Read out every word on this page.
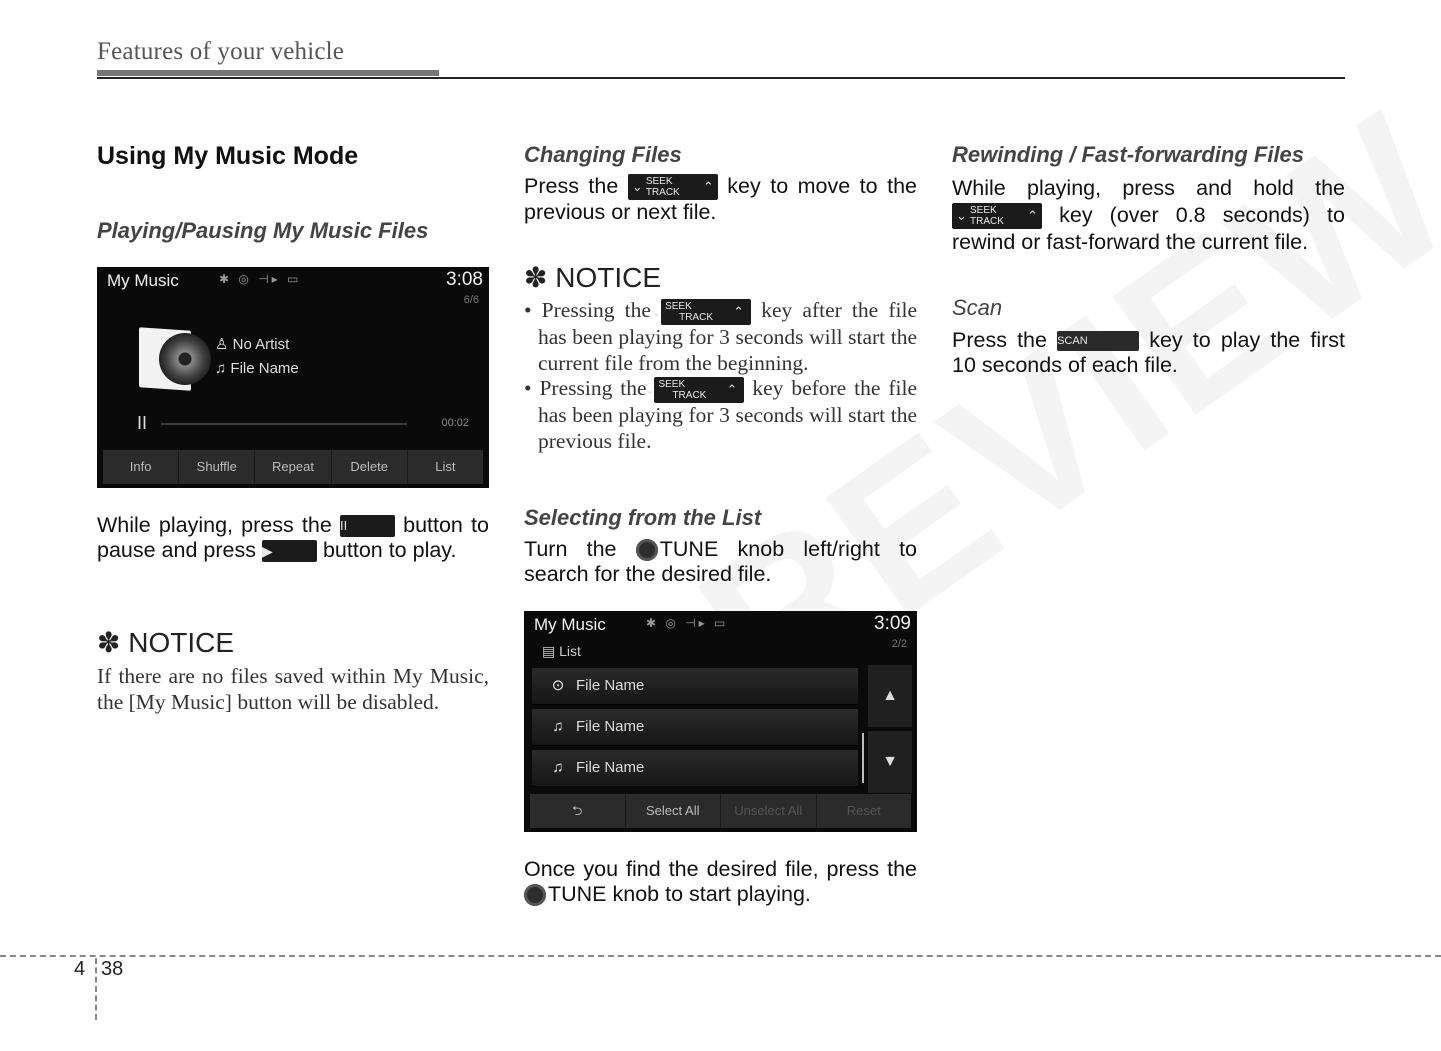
Features of your vehicle
Using My Music Mode
Playing/Pausing My Music Files
My Music	✱ ◎ ⊣▸ ▭	3:08
6/6
♙ No Artist
♫ File Name
II	00:02
Info	Shuffle	Repeat	Delete	List
While playing, press the II	button to pause and press ▶ button to play.
✽ NOTICE
If there are no files saved within My Music, the [My Music] button will be disabled.
Changing Files
Press the ⌄ SEEK
TRACK	⌃ key to move to the previous or next file.
✽ NOTICE
• Pressing the ⌄ SEEK
TRACK	⌃ key after the file has been playing for 3 seconds will start the current file from the beginning.
• Pressing the
⌄ SEEK
TRACK	⌃ key before the file has been playing for 3 seconds will start the previous file.
Selecting from the List
Turn the TUNE knob left/right to search for the desired file.
My Music	✱ ◎ ⊣▸ ▭	3:09
2/2
▤ List
⊙ File Name
♫ File Name
♫ File Name
▲
▼
⮌	Select All	Unselect All	Reset
Once you find the desired file, press the TUNE knob to start playing.
Rewinding / Fast-forwarding Files
While playing, press and hold the
⌄ SEEK
TRACK	⌃ key (over 0.8 seconds) to rewind or fast-forward the current file.
Scan
Press the SCAN	key to play the first 10 seconds of each file.
4 38
